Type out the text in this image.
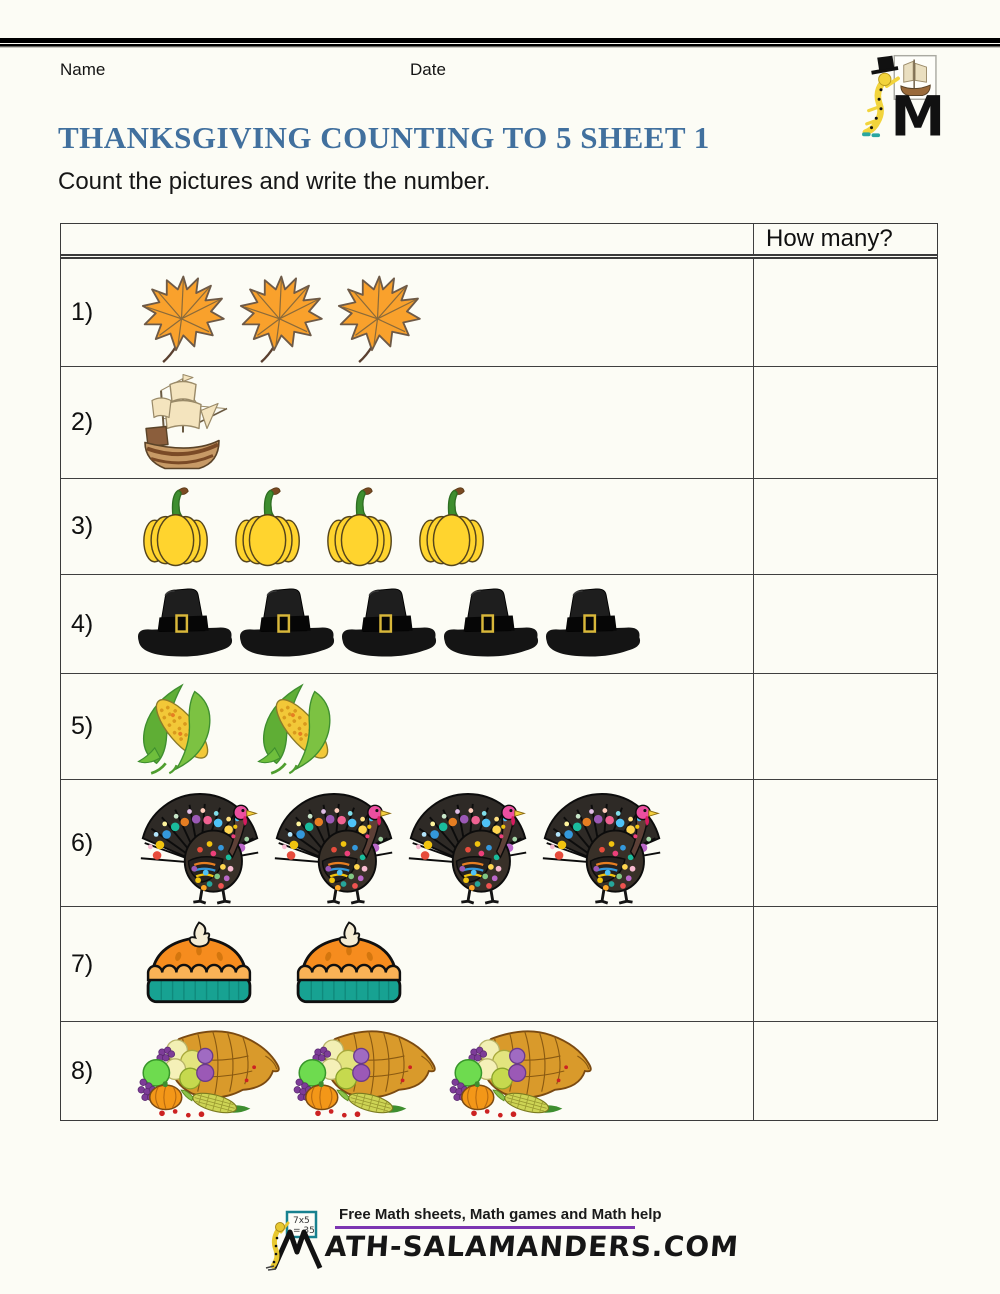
Name	Date
THANKSGIVING COUNTING TO 5 SHEET 1
Count the pictures and write the number.
How many?
1)
2)
3)
4)
5)
6)
7)
8)
Free Math sheets, Math games and Math help
ATH-SALAMANDERS.COM
